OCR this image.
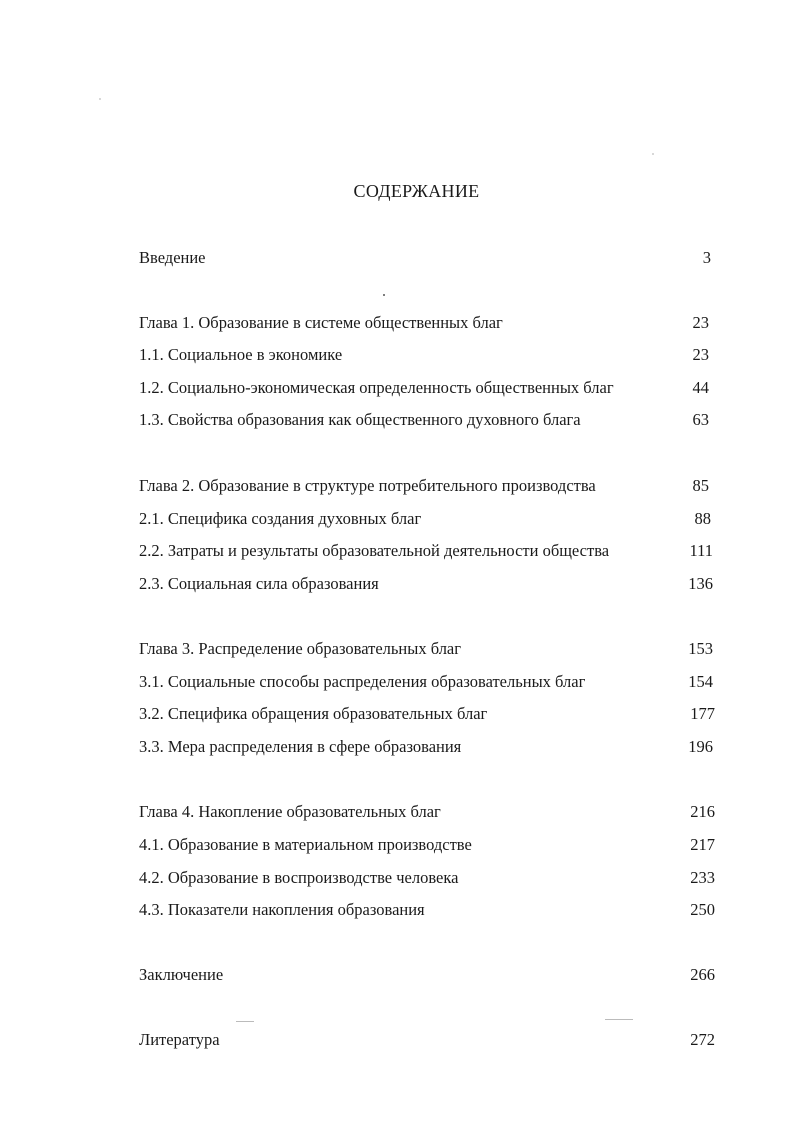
СОДЕРЖАНИЕ
Введение	3
Глава 1. Образование в системе общественных благ	23
1.1. Социальное в экономике	23
1.2. Социально-экономическая определенность общественных благ	44
1.3. Свойства образования как общественного духовного блага	63
Глава 2. Образование в структуре потребительного производства	85
2.1. Специфика создания духовных благ	88
2.2. Затраты и результаты образовательной деятельности общества	111
2.3. Социальная сила образования	136
Глава 3. Распределение образовательных благ	153
3.1. Социальные способы распределения образовательных благ	154
3.2. Специфика обращения образовательных благ	177
3.3. Мера распределения в сфере образования	196
Глава 4. Накопление образовательных благ	216
4.1. Образование в материальном производстве	217
4.2. Образование в воспроизводстве человека	233
4.3. Показатели накопления образования	250
Заключение	266
Литература	272
